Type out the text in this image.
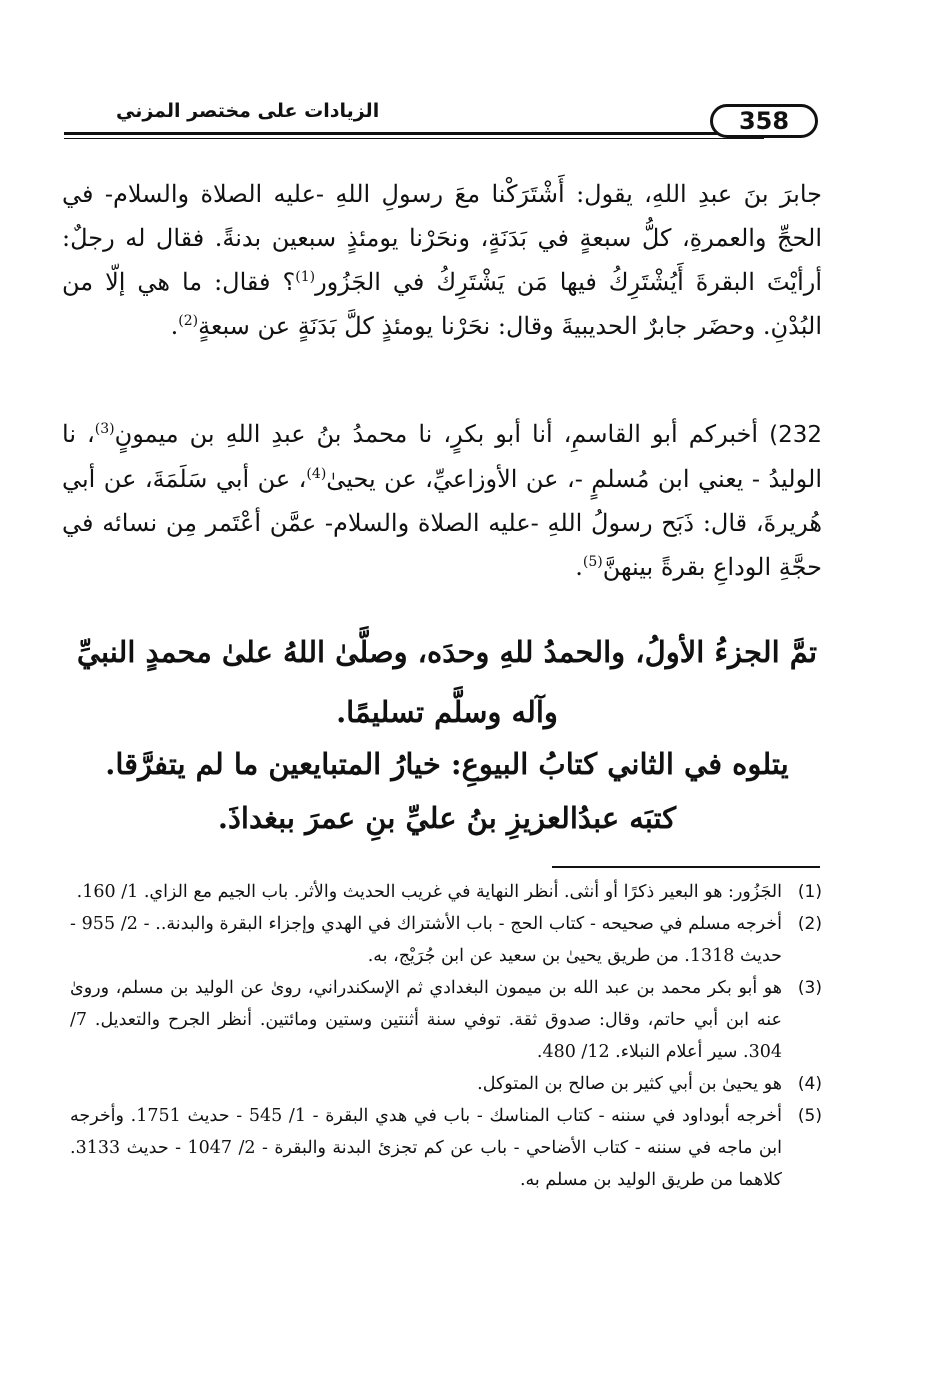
الزيادات على مختصر المزني	358
جابرَ بنَ عبدِ اللهِ، يقول: أَشْتَرَكْنا معَ رسولِ اللهِ -عليه الصلاة والسلام- في الحجِّ والعمرةِ، كلُّ سبعةٍ في بَدَنَةٍ، ونحَرْنا يومئذٍ سبعين بدنةً. فقال له رجلٌ: أرأيْتَ البقرةَ أَيُشْتَرِكُ فيها مَن يَشْتَرِكُ في الجَزُور$^{(1)}$؟ فقال: ما هي إلّا من البُدْنِ. وحضَر جابرٌ الحديبيةَ وقال: نحَرْنا يومئذٍ كلَّ بَدَنَةٍ عن سبعةٍ$^{(2)}$.
232) أخبركم أبو القاسمِ، أنا أبو بكرٍ، نا محمدُ بنُ عبدِ اللهِ بن ميمونٍ$^{(3)}$، نا الوليدُ - يعني ابن مُسلمٍ -، عن الأوزاعيِّ، عن يحيىٰ$^{(4)}$، عن أبي سَلَمَةَ، عن أبي هُريرةَ، قال: ذَبَح رسولُ اللهِ -عليه الصلاة والسلام- عمَّن أعْتَمر مِن نسائه في حجَّةِ الوداعِ بقرةً بينهنَّ$^{(5)}$.
تمَّ الجزءُ الأولُ، والحمدُ للهِ وحدَه، وصلَّىٰ اللهُ علىٰ محمدٍ النبيِّ وآله وسلَّم تسليمًا.
يتلوه في الثاني كتابُ البيوعِ: خيارُ المتبايعين ما لم يتفرَّقا.
كتبَه عبدُالعزيزِ بنُ عليِّ بنِ عمرَ ببغداذَ.
(1)
الجَزُور: هو البعير ذكرًا أو أنثى. أنظر النهاية في غريب الحديث والأثر. باب الجيم مع الزاي. 1/ 160.
(2)
أخرجه مسلم في صحيحه - كتاب الحج - باب الأشتراك في الهدي وإجزاء البقرة والبدنة.. - 2/ 955 - حديث 1318. من طريق يحيىٰ بن سعيد عن ابن جُرَيْج، به.
(3)
هو أبو بكر محمد بن عبد الله بن ميمون البغدادي ثم الإسكندراني، روىٰ عن الوليد بن مسلم، وروىٰ عنه ابن أبي حاتم، وقال: صدوق ثقة. توفي سنة أثنتين وستين ومائتين. أنظر الجرح والتعديل. 7/ 304. سير أعلام النبلاء. 12/ 480.
(4)
هو يحيىٰ بن أبي كثير بن صالح بن المتوكل.
(5)
أخرجه أبوداود في سننه - كتاب المناسك - باب في هدي البقرة - 1/ 545 - حديث 1751. وأخرجه ابن ماجه في سننه - كتاب الأضاحي - باب عن كم تجزئ البدنة والبقرة - 2/ 1047 - حديث 3133. كلاهما من طريق الوليد بن مسلم به.
